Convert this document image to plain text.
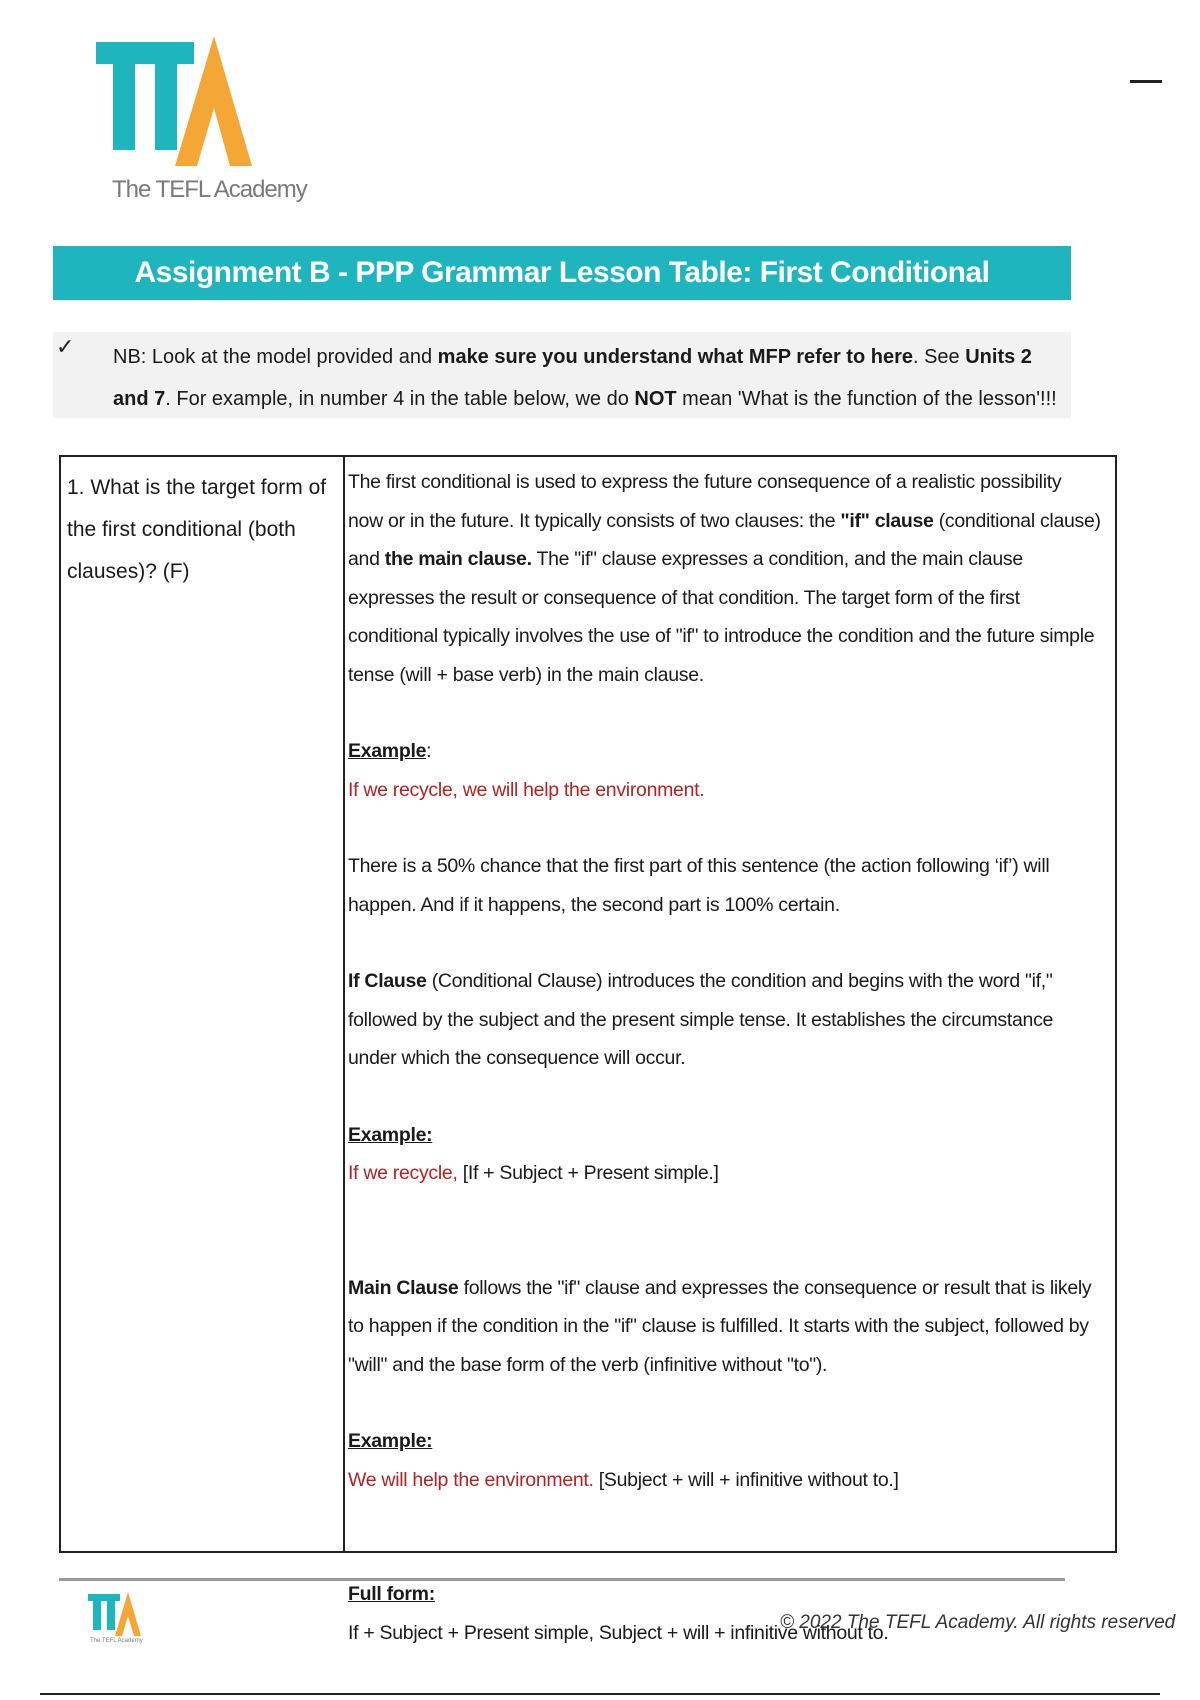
The TEFL Academy
Assignment B - PPP Grammar Lesson Table: First Conditional
✓ NB: Look at the model provided and make sure you understand what MFP refer to here. See Units 2 and 7. For example, in number 4 in the table below, we do NOT mean 'What is the function of the lesson'!!!
1. What is the target form of the first conditional (both clauses)? (F)

The first conditional is used to express the future consequence of a realistic possibility now or in the future. It typically consists of two clauses: the "if" clause (conditional clause) and the main clause. The "if" clause expresses a condition, and the main clause expresses the result or consequence of that condition. The target form of the first conditional typically involves the use of "if" to introduce the condition and the future simple tense (will + base verb) in the main clause.

Example:

If we recycle, we will help the environment.

There is a 50% chance that the first part of this sentence (the action following ‘if’) will happen. And if it happens, the second part is 100% certain.

If Clause (Conditional Clause) introduces the condition and begins with the word "if," followed by the subject and the present simple tense. It establishes the circumstance under which the consequence will occur.

Example:

If we recycle, [If + Subject + Present simple.]

Main Clause follows the "if" clause and expresses the consequence or result that is likely to happen if the condition in the "if" clause is fulfilled. It starts with the subject, followed by "will" and the base form of the verb (infinitive without "to").

Example:

We will help the environment. [Subject + will + infinitive without to.]

Full form:

If + Subject + Present simple, Subject + will + infinitive without to.

The TEFL Academy
© 2022 The TEFL Academy. All rights reserved
